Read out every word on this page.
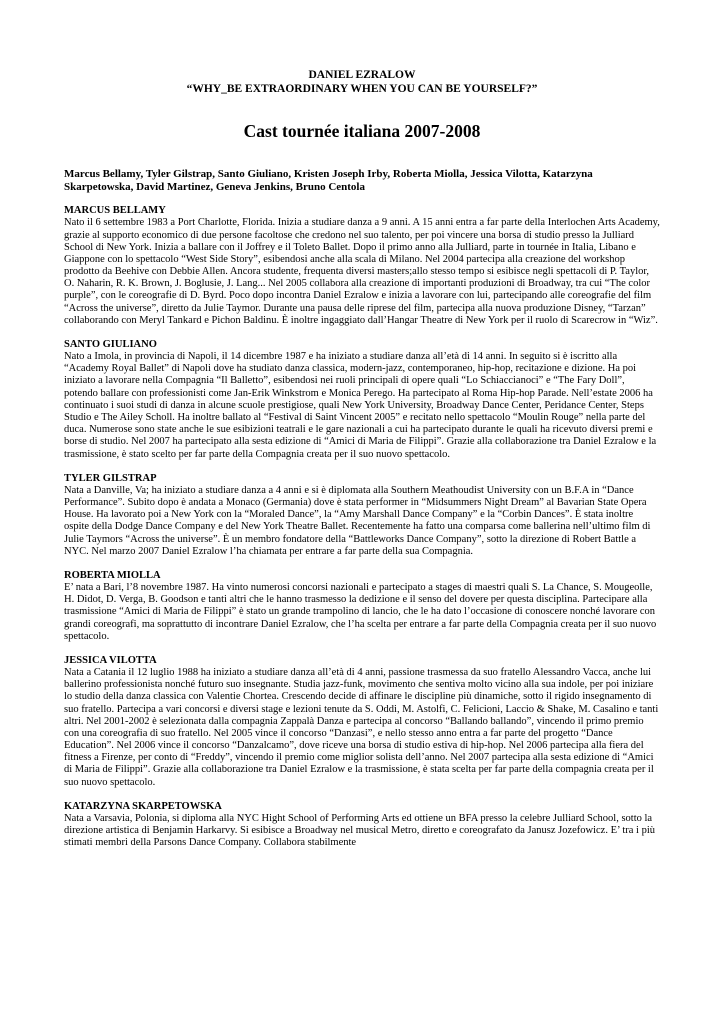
DANIEL EZRALOW
“WHY_BE EXTRAORDINARY WHEN YOU CAN BE YOURSELF?”
Cast tournée italiana 2007-2008

Marcus Bellamy, Tyler Gilstrap, Santo Giuliano, Kristen Joseph Irby, Roberta Miolla, Jessica Vilotta, Katarzyna Skarpetowska, David Martinez, Geneva Jenkins, Bruno Centola

MARCUS BELLAMY

Nato il 6 settembre 1983 a Port Charlotte, Florida. Inizia a studiare danza a 9 anni. A 15 anni entra a far parte della Interlochen Arts Academy, grazie al supporto economico di due persone facoltose che credono nel suo talento, per poi vincere una borsa di studio presso la Julliard School di New York. Inizia a ballare con il Joffrey e il Toleto Ballet. Dopo il primo anno alla Julliard, parte in tournée in Italia, Libano e Giappone con lo spettacolo “West Side Story”, esibendosi anche alla scala di Milano. Nel 2004 partecipa alla creazione del workshop prodotto da Beehive con Debbie Allen. Ancora studente, frequenta diversi masters;allo stesso tempo si esibisce negli spettacoli di P. Taylor, O. Naharin, R. K. Brown, J. Boglusie, J. Lang... Nel 2005 collabora alla creazione di importanti produzioni di Broadway, tra cui “The color purple”, con le coreografie di D. Byrd. Poco dopo incontra Daniel Ezralow e inizia a lavorare con lui, partecipando alle coreografie del film “Across the universe”, diretto da Julie Taymor. Durante una pausa delle riprese del film, partecipa alla nuova produzione Disney, “Tarzan” collaborando con Meryl Tankard e Pichon Baldinu. È inoltre ingaggiato dall’Hangar Theatre di New York per il ruolo di Scarecrow in “Wiz”.

SANTO GIULIANO

Nato a Imola, in provincia di Napoli, il 14 dicembre 1987 e ha iniziato a studiare danza all’età di 14 anni. In seguito si è iscritto alla “Academy Royal Ballet” di Napoli dove ha studiato danza classica, modern-jazz, contemporaneo, hip-hop, recitazione e dizione. Ha poi iniziato a lavorare nella Compagnia “Il Balletto”, esibendosi nei ruoli principali di opere quali “Lo Schiaccianoci” e “The Fary Doll”, potendo ballare con professionisti come Jan-Erik Winkstrom e Monica Perego. Ha partecipato al Roma Hip-hop Parade. Nell’estate 2006 ha continuato i suoi studi di danza in alcune scuole prestigiose, quali New York University, Broadway Dance Center, Peridance Center, Steps Studio e The Ailey Scholl. Ha inoltre ballato al “Festival di Saint Vincent 2005” e recitato nello spettacolo “Moulin Rouge” nella parte del duca. Numerose sono state anche le sue esibizioni teatrali e le gare nazionali a cui ha partecipato durante le quali ha ricevuto diversi premi e borse di studio. Nel 2007 ha partecipato alla sesta edizione di “Amici di Maria de Filippi”. Grazie alla collaborazione tra Daniel Ezralow e la trasmissione, è stato scelto per far parte della Compagnia creata per il suo nuovo spettacolo.

TYLER GILSTRAP

Nata a Danville, Va; ha iniziato a studiare danza a 4 anni e si è diplomata alla Southern Meathoudist University con un B.F.A in “Dance Performance”. Subito dopo è andata a Monaco (Germania) dove è stata performer in “Midsummers Night Dream” al Bavarian State Opera House. Ha lavorato poi a New York con la “Moraled Dance”, la “Amy Marshall Dance Company” e la “Corbin Dances”. È stata inoltre ospite della Dodge Dance Company e del New York Theatre Ballet. Recentemente ha fatto una comparsa come ballerina nell’ultimo film di Julie Taymors “Across the universe”. È un membro fondatore della “Battleworks Dance Company”, sotto la direzione di Robert Battle a NYC. Nel marzo 2007 Daniel Ezralow l’ha chiamata per entrare a far parte della sua Compagnia.

ROBERTA MIOLLA

E’ nata a Bari, l’8 novembre 1987. Ha vinto numerosi concorsi nazionali e partecipato a stages di maestri quali S. La Chance, S. Mougeolle, H. Didot, D. Verga, B. Goodson e tanti altri che le hanno trasmesso la dedizione e il senso del dovere per questa disciplina. Partecipare alla trasmissione “Amici di Maria de Filippi” è stato un grande trampolino di lancio, che le ha dato l’occasione di conoscere nonché lavorare con grandi coreografi, ma soprattutto di incontrare Daniel Ezralow, che l’ha scelta per entrare a far parte della Compagnia creata per il suo nuovo spettacolo.

JESSICA VILOTTA

Nata a Catania il 12 luglio 1988 ha iniziato a studiare danza all’età di 4 anni, passione trasmessa da suo fratello Alessandro Vacca, anche lui ballerino professionista nonché futuro suo insegnante. Studia jazz-funk, movimento che sentiva molto vicino alla sua indole, per poi iniziare lo studio della danza classica con Valentie Chortea. Crescendo decide di affinare le discipline più dinamiche, sotto il rigido insegnamento di suo fratello. Partecipa a vari concorsi e diversi stage e lezioni tenute da S. Oddi, M. Astolfi, C. Felicioni, Laccio & Shake, M. Casalino e tanti altri. Nel 2001-2002 è selezionata dalla compagnia Zappalà Danza e partecipa al concorso “Ballando ballando”, vincendo il primo premio con una coreografia di suo fratello. Nel 2005 vince il concorso “Danzasi”, e nello stesso anno entra a far parte del progetto “Dance Education”. Nel 2006 vince il concorso “Danzalcamo”, dove riceve una borsa di studio estiva di hip-hop. Nel 2006 partecipa alla fiera del fitness a Firenze, per conto di “Freddy”, vincendo il premio come miglior solista dell’anno. Nel 2007 partecipa alla sesta edizione di “Amici di Maria de Filippi”. Grazie alla collaborazione tra Daniel Ezralow e la trasmissione, è stata scelta per far parte della compagnia creata per il suo nuovo spettacolo.

KATARZYNA SKARPETOWSKA

Nata a Varsavia, Polonia, si diploma alla NYC Hight School of Performing Arts ed ottiene un BFA presso la celebre Julliard School, sotto la direzione artistica di Benjamin Harkarvy. Si esibisce a Broadway nel musical Metro, diretto e coreografato da Janusz Jozefowicz. E’ tra i più stimati membri della Parsons Dance Company. Collabora stabilmente
